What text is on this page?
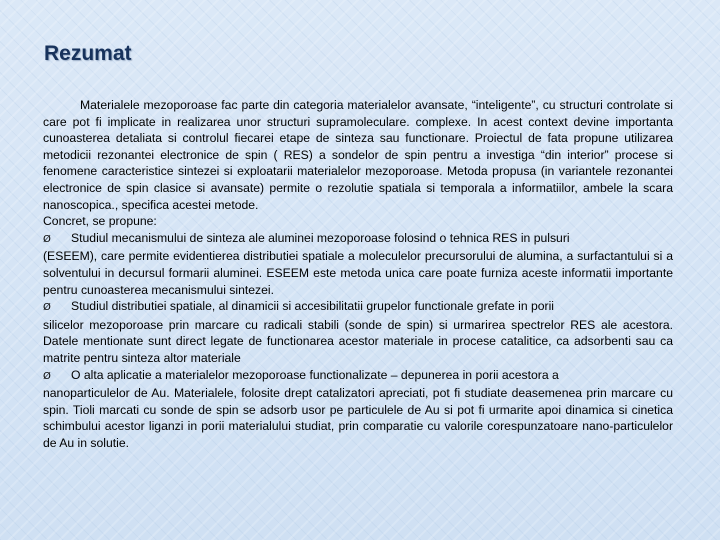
Rezumat

Materialele mezoporoase fac parte din categoria materialelor avansate, “inteligente”, cu structuri controlate si care pot fi implicate in realizarea unor structuri supramoleculare. complexe. In acest context devine importanta cunoasterea detaliata si controlul fiecarei etape de sinteza sau functionare. Proiectul de fata propune utilizarea metodicii rezonantei electronice de spin ( RES) a sondelor de spin pentru a investiga “din interior” procese si fenomene caracteristice sintezei si exploatarii materialelor mezoporoase. Metoda propusa (in variantele rezonantei electronice de spin clasice si avansate) permite o rezolutie spatiala si temporala a informatiilor, ambele la scara nanoscopica., specifica acestei metode.

Concret, se propune:

Ø	Studiul mecanismului de sinteza ale aluminei mezoporoase folosind o tehnica RES in pulsuri

(ESEEM), care permite evidentierea distributiei spatiale a moleculelor precursorului de alumina, a surfactantului si a solventului in decursul formarii aluminei. ESEEM este metoda unica care poate furniza aceste informatii importante pentru cunoasterea mecanismului sintezei.

Ø	Studiul distributiei spatiale, al dinamicii si accesibilitatii grupelor functionale grefate in porii

silicelor mezoporoase prin marcare cu radicali stabili (sonde de spin) si urmarirea spectrelor RES ale acestora. Datele mentionate sunt direct legate de functionarea acestor materiale in procese catalitice, ca adsorbenti sau ca matrite pentru sinteza altor materiale

Ø	O alta aplicatie a materialelor mezoporoase functionalizate – depunerea in porii acestora a

nanoparticulelor de Au. Materialele, folosite drept catalizatori apreciati, pot fi studiate deasemenea prin marcare cu spin. Tioli marcati cu sonde de spin se adsorb usor pe particulele de Au si pot fi urmarite apoi dinamica si cinetica schimbului acestor liganzi in porii materialului studiat, prin comparatie cu valorile corespunzatoare nano-particulelor de Au in solutie.
